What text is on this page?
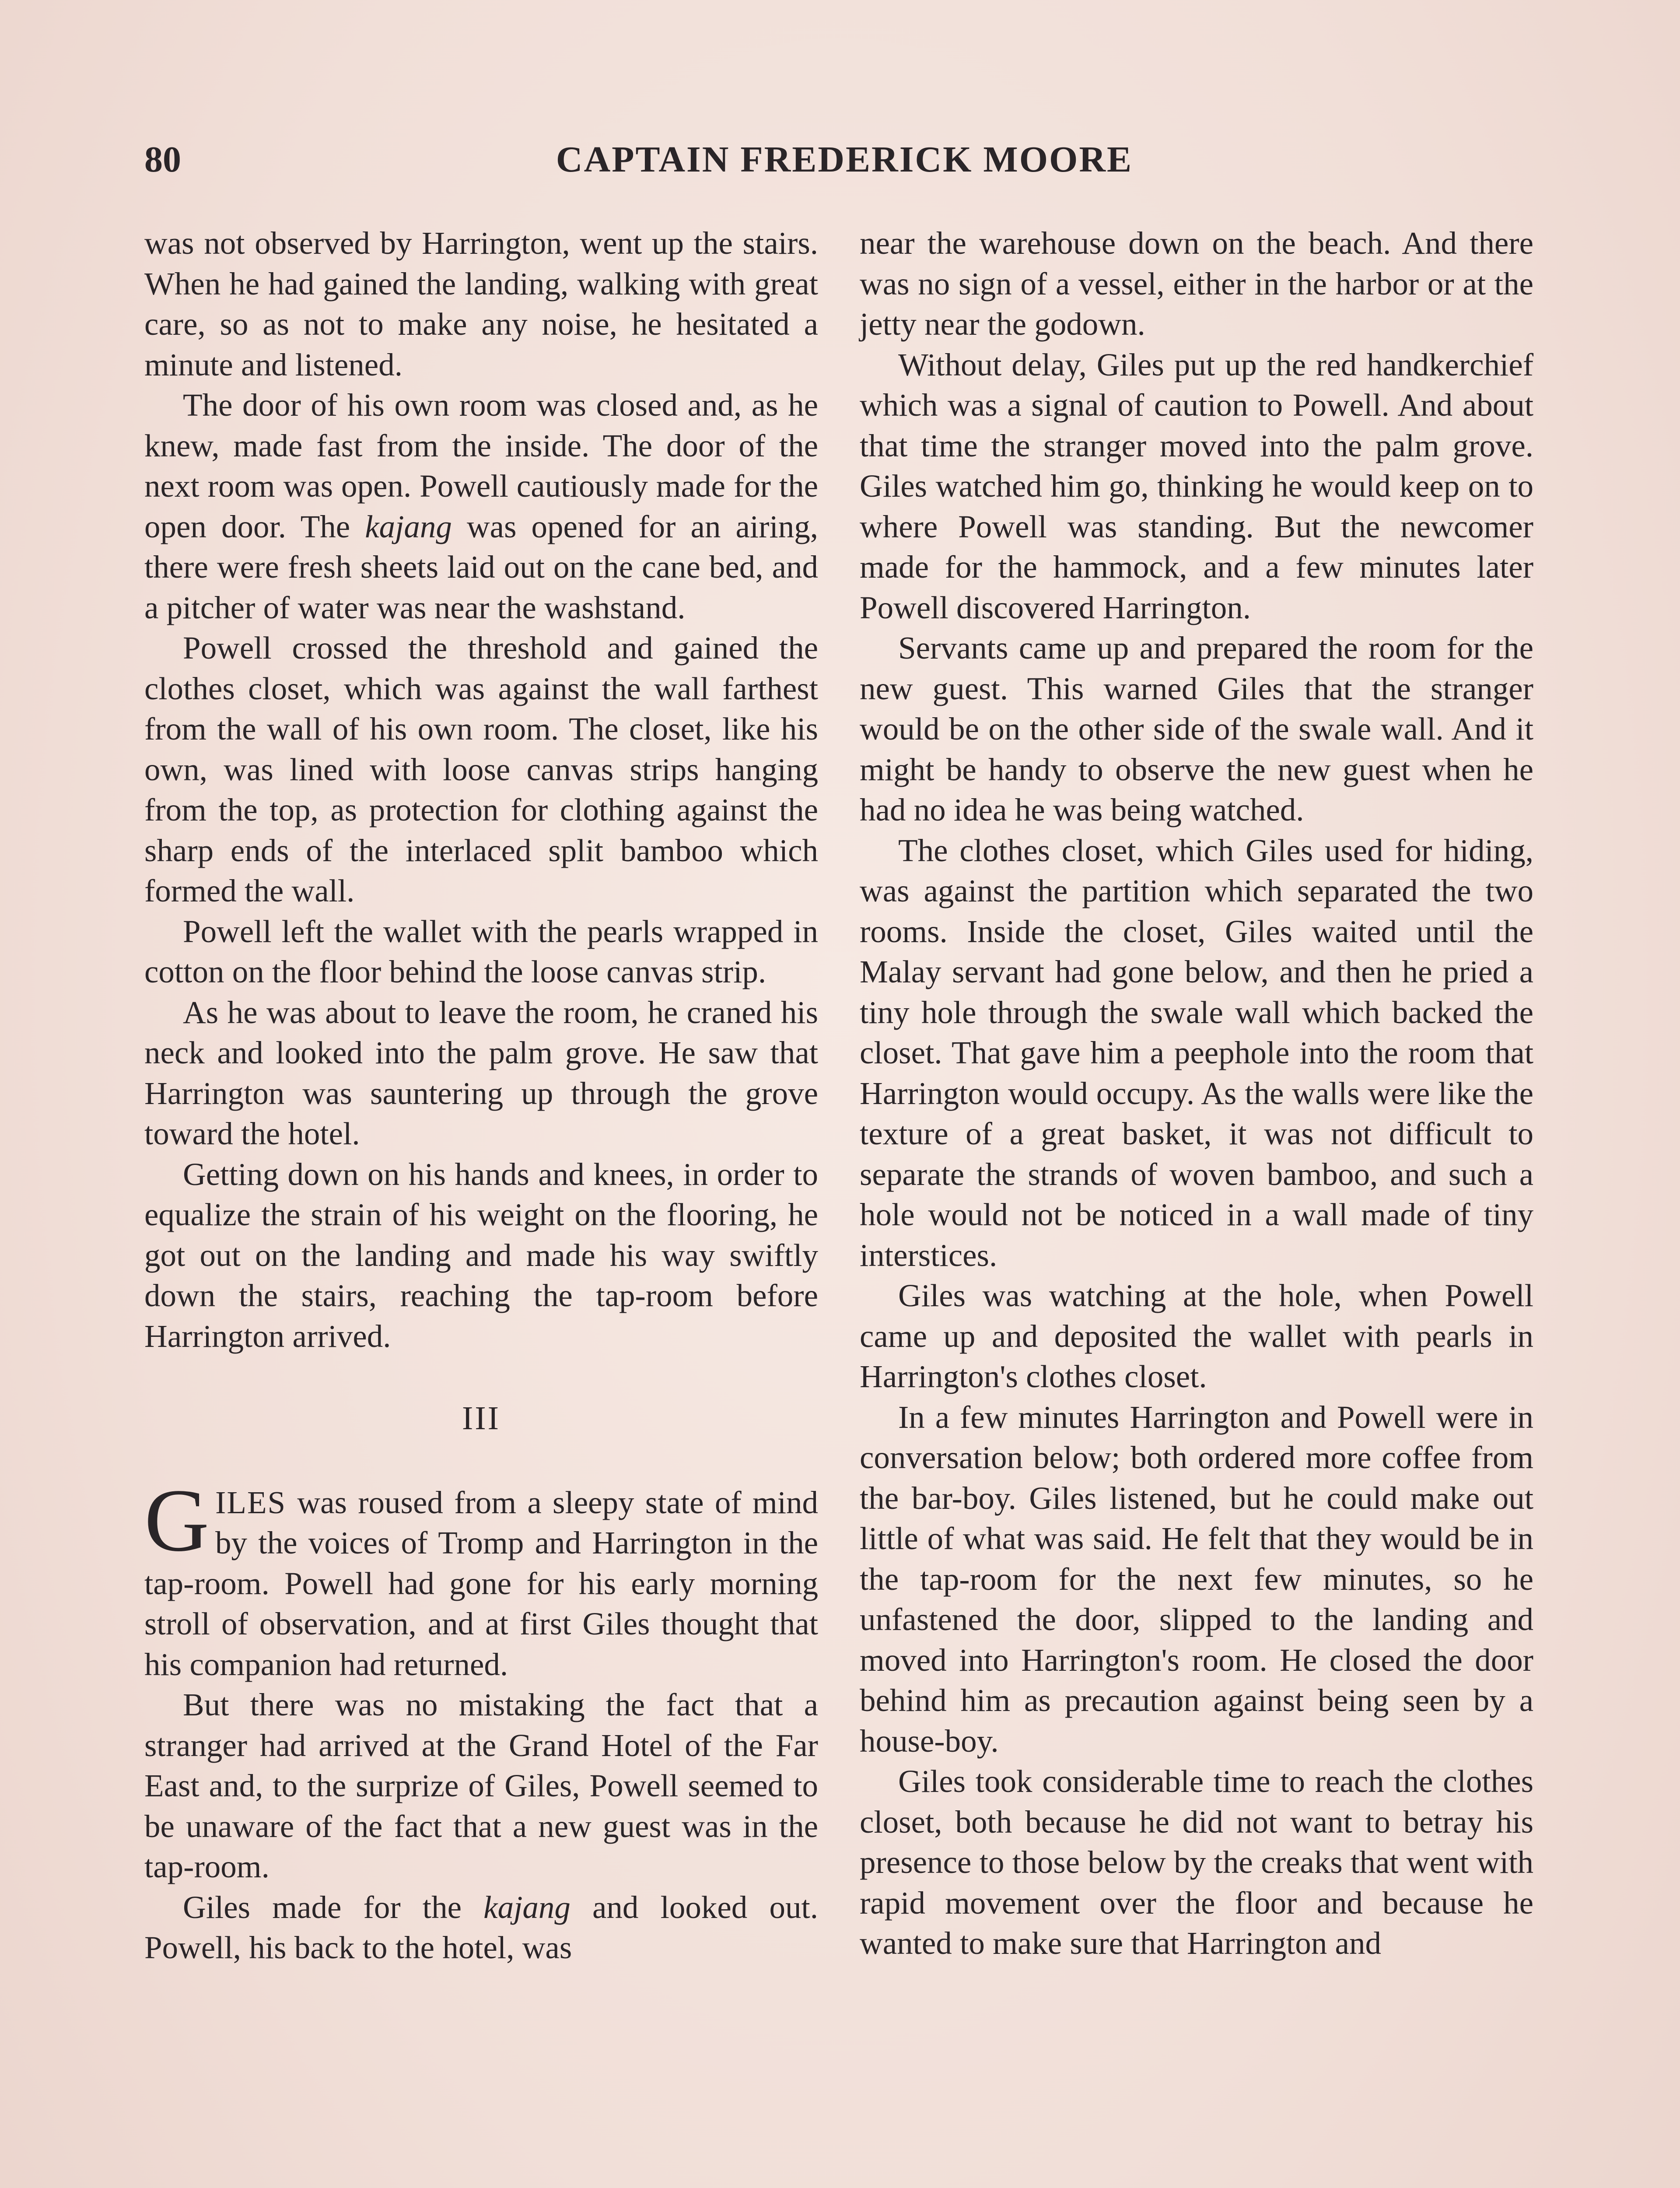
80	CAPTAIN FREDERICK MOORE

was not observed by Harrington, went up the stairs. When he had gained the landing, walking with great care, so as not to make any noise, he hesitated a minute and listened.

The door of his own room was closed and, as he knew, made fast from the inside. The door of the next room was open. Powell cautiously made for the open door. The kajang was opened for an airing, there were fresh sheets laid out on the cane bed, and a pitcher of water was near the washstand.

Powell crossed the threshold and gained the clothes closet, which was against the wall farthest from the wall of his own room. The closet, like his own, was lined with loose canvas strips hanging from the top, as protection for clothing against the sharp ends of the interlaced split bamboo which formed the wall.

Powell left the wallet with the pearls wrapped in cotton on the floor behind the loose canvas strip.

As he was about to leave the room, he craned his neck and looked into the palm grove. He saw that Harrington was sauntering up through the grove toward the hotel.

Getting down on his hands and knees, in order to equalize the strain of his weight on the flooring, he got out on the landing and made his way swiftly down the stairs, reaching the tap-room before Harrington arrived.

III

GILES was roused from a sleepy state of mind by the voices of Tromp and Harrington in the tap-room. Powell had gone for his early morning stroll of observation, and at first Giles thought that his companion had returned.

But there was no mistaking the fact that a stranger had arrived at the Grand Hotel of the Far East and, to the surprize of Giles, Powell seemed to be unaware of the fact that a new guest was in the tap-room.

Giles made for the kajang and looked out. Powell, his back to the hotel, was

near the warehouse down on the beach. And there was no sign of a vessel, either in the harbor or at the jetty near the godown.

Without delay, Giles put up the red handkerchief which was a signal of caution to Powell. And about that time the stranger moved into the palm grove. Giles watched him go, thinking he would keep on to where Powell was standing. But the newcomer made for the hammock, and a few minutes later Powell discovered Harrington.

Servants came up and prepared the room for the new guest. This warned Giles that the stranger would be on the other side of the swale wall. And it might be handy to observe the new guest when he had no idea he was being watched.

The clothes closet, which Giles used for hiding, was against the partition which separated the two rooms. Inside the closet, Giles waited until the Malay servant had gone below, and then he pried a tiny hole through the swale wall which backed the closet. That gave him a peephole into the room that Harrington would occupy. As the walls were like the texture of a great basket, it was not difficult to separate the strands of woven bamboo, and such a hole would not be noticed in a wall made of tiny interstices.

Giles was watching at the hole, when Powell came up and deposited the wallet with pearls in Harrington's clothes closet.

In a few minutes Harrington and Powell were in conversation below; both ordered more coffee from the bar-boy. Giles listened, but he could make out little of what was said. He felt that they would be in the tap-room for the next few minutes, so he unfastened the door, slipped to the landing and moved into Harrington's room. He closed the door behind him as precaution against being seen by a house-boy.

Giles took considerable time to reach the clothes closet, both because he did not want to betray his presence to those below by the creaks that went with rapid movement over the floor and because he wanted to make sure that Harrington and
